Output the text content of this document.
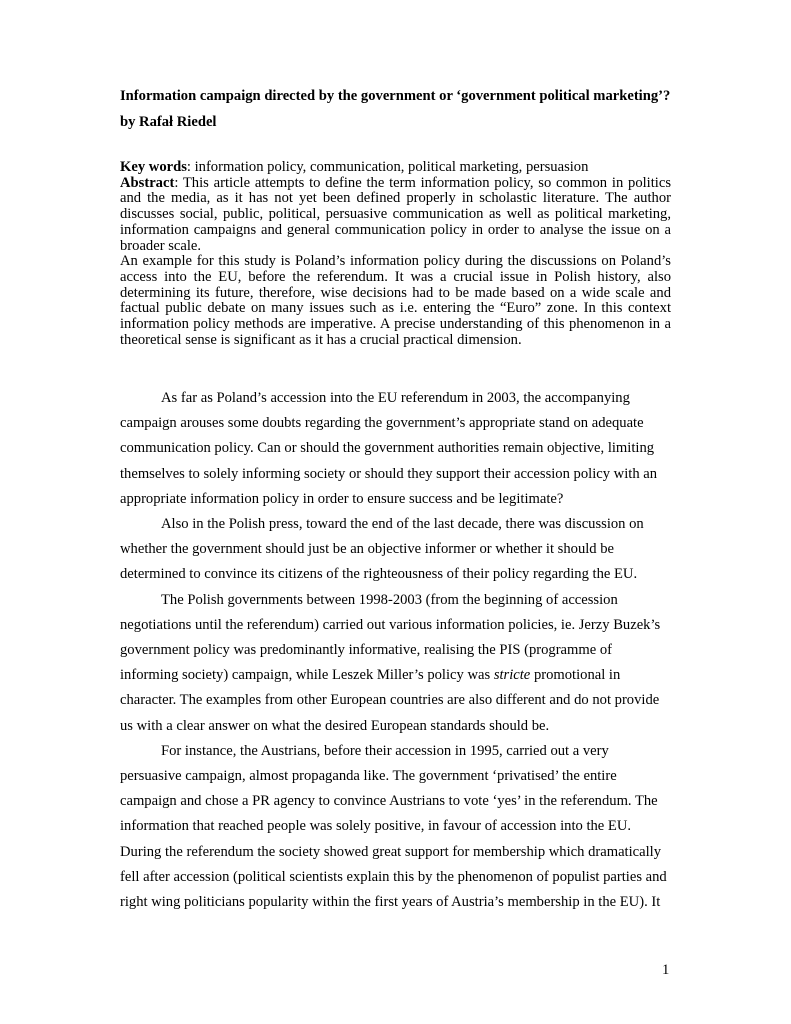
Information campaign directed by the government or ‘government political marketing’?
by Rafał Riedel

Key words: information policy, communication, political marketing, persuasion

Abstract: This article attempts to define the term information policy, so common in politics and the media, as it has not yet been defined properly in scholastic literature. The author discusses social, public, political, persuasive communication as well as political marketing, information campaigns and general communication policy in order to analyse the issue on a broader scale.

An example for this study is Poland’s information policy during the discussions on Poland’s access into the EU, before the referendum. It was a crucial issue in Polish history, also determining its future, therefore, wise decisions had to be made based on a wide scale and factual public debate on many issues such as i.e. entering the “Euro” zone. In this context information policy methods are imperative. A precise understanding of this phenomenon in a theoretical sense is significant as it has a crucial practical dimension.

As far as Poland’s accession into the EU referendum in 2003, the accompanying campaign arouses some doubts regarding the government’s appropriate stand on adequate communication policy. Can or should the government authorities remain objective, limiting themselves to solely informing society or should they support their accession policy with an appropriate information policy in order to ensure success and be legitimate?

Also in the Polish press, toward the end of the last decade, there was discussion on whether the government should just be an objective informer or whether it should be determined to convince its citizens of the righteousness of their policy regarding the EU.

The Polish governments between 1998-2003 (from the beginning of accession negotiations until the referendum) carried out various information policies, ie. Jerzy Buzek’s government policy was predominantly informative, realising the PIS (programme of informing society) campaign, while Leszek Miller’s policy was stricte promotional in character. The examples from other European countries are also different and do not provide us with a clear answer on what the desired European standards should be.

For instance, the Austrians, before their accession in 1995, carried out a very persuasive campaign, almost propaganda like. The government ‘privatised’ the entire campaign and chose a PR agency to convince Austrians to vote ‘yes’ in the referendum. The information that reached people was solely positive, in favour of accession into the EU. During the referendum the society showed great support for membership which dramatically fell after accession (political scientists explain this by the phenomenon of populist parties and right wing politicians popularity within the first years of Austria’s membership in the EU). It

1
